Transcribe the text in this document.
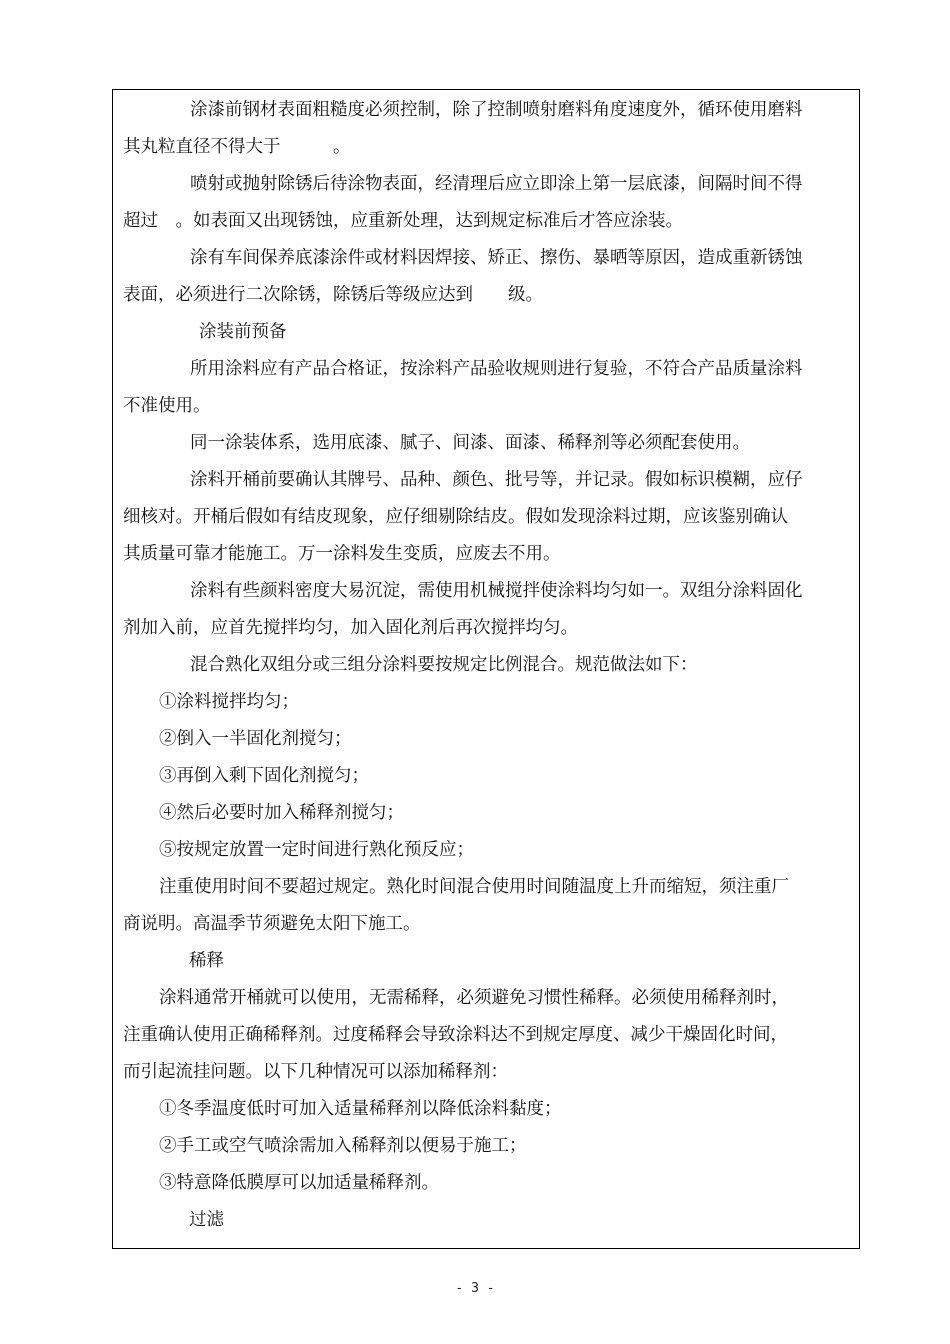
涂漆前钢材表面粗糙度必须控制，除了控制喷射磨料角度速度外，循环使用磨料
其丸粒直径不得大于　　　。
喷射或抛射除锈后待涂物表面，经清理后应立即涂上第一层底漆，间隔时间不得
超过　。如表面又出现锈蚀，应重新处理，达到规定标准后才答应涂装。
涂有车间保养底漆涂件或材料因焊接、矫正、擦伤、暴晒等原因，造成重新锈蚀
表面，必须进行二次除锈，除锈后等级应达到　　级。
涂装前预备
所用涂料应有产品合格证，按涂料产品验收规则进行复验，不符合产品质量涂料
不准使用。
同一涂装体系，选用底漆、腻子、间漆、面漆、稀释剂等必须配套使用。
涂料开桶前要确认其牌号、品种、颜色、批号等，并记录。假如标识模糊，应仔
细核对。开桶后假如有结皮现象，应仔细剔除结皮。假如发现涂料过期，应该鉴别确认
其质量可靠才能施工。万一涂料发生变质，应废去不用。
涂料有些颜料密度大易沉淀，需使用机械搅拌使涂料均匀如一。双组分涂料固化
剂加入前，应首先搅拌均匀，加入固化剂后再次搅拌均匀。
混合熟化双组分或三组分涂料要按规定比例混合。规范做法如下：
①涂料搅拌均匀；
②倒入一半固化剂搅匀；
③再倒入剩下固化剂搅匀；
④然后必要时加入稀释剂搅匀；
⑤按规定放置一定时间进行熟化预反应；
注重使用时间不要超过规定。熟化时间混合使用时间随温度上升而缩短，须注重厂
商说明。高温季节须避免太阳下施工。
稀释
涂料通常开桶就可以使用，无需稀释，必须避免习惯性稀释。必须使用稀释剂时，
注重确认使用正确稀释剂。过度稀释会导致涂料达不到规定厚度、减少干燥固化时间，
而引起流挂问题。以下几种情况可以添加稀释剂：
①冬季温度低时可加入适量稀释剂以降低涂料黏度；
②手工或空气喷涂需加入稀释剂以便易于施工；
③特意降低膜厚可以加适量稀释剂。
过滤
- 3 -
